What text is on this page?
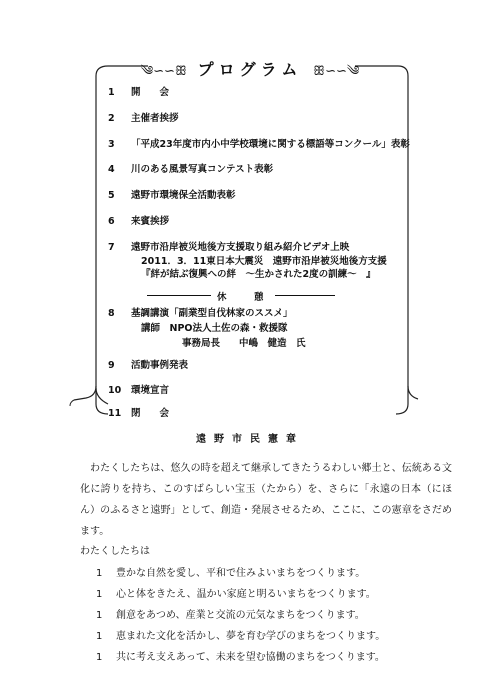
༄∽∽ꕥ プログラム ꕥ∽∽༄
1 開　　会
2 主催者挨拶
3 「平成23年度市内小中学校環境に関する標語等コンクール」表彰
4 川のある風景写真コンテスト表彰
5 遠野市環境保全活動表彰
6 来賓挨拶
7 遠野市沿岸被災地後方支援取り組み紹介ビデオ上映
2011．3．11東日本大震災　遠野市沿岸被災地後方支援
『絆が結ぶ復興への絆　～生かされた2度の訓練～　』
休　憩
8 基調講演「副業型自伐林家のススメ」
講師　NPO法人土佐の森・救援隊
事務局長　　中嶋　健造　氏
9 活動事例発表
10 環境宣言
11 閉　　会
遠野市民憲章
わたくしたちは、悠久の時を超えて継承してきたうるわしい郷土と、伝統ある文化に誇りを持ち、このすばらしい宝玉（たから）を、さらに「永遠の日本（にほん）のふるさと遠野」として、創造・発展させるため、ここに、この憲章をさだめます。
わたくしたちは
1 豊かな自然を愛し、平和で住みよいまちをつくります。
1 心と体をきたえ、温かい家庭と明るいまちをつくります。
1 創意をあつめ、産業と交流の元気なまちをつくります。
1 恵まれた文化を活かし、夢を育む学びのまちをつくります。
1 共に考え支えあって、未来を望む協働のまちをつくります。
